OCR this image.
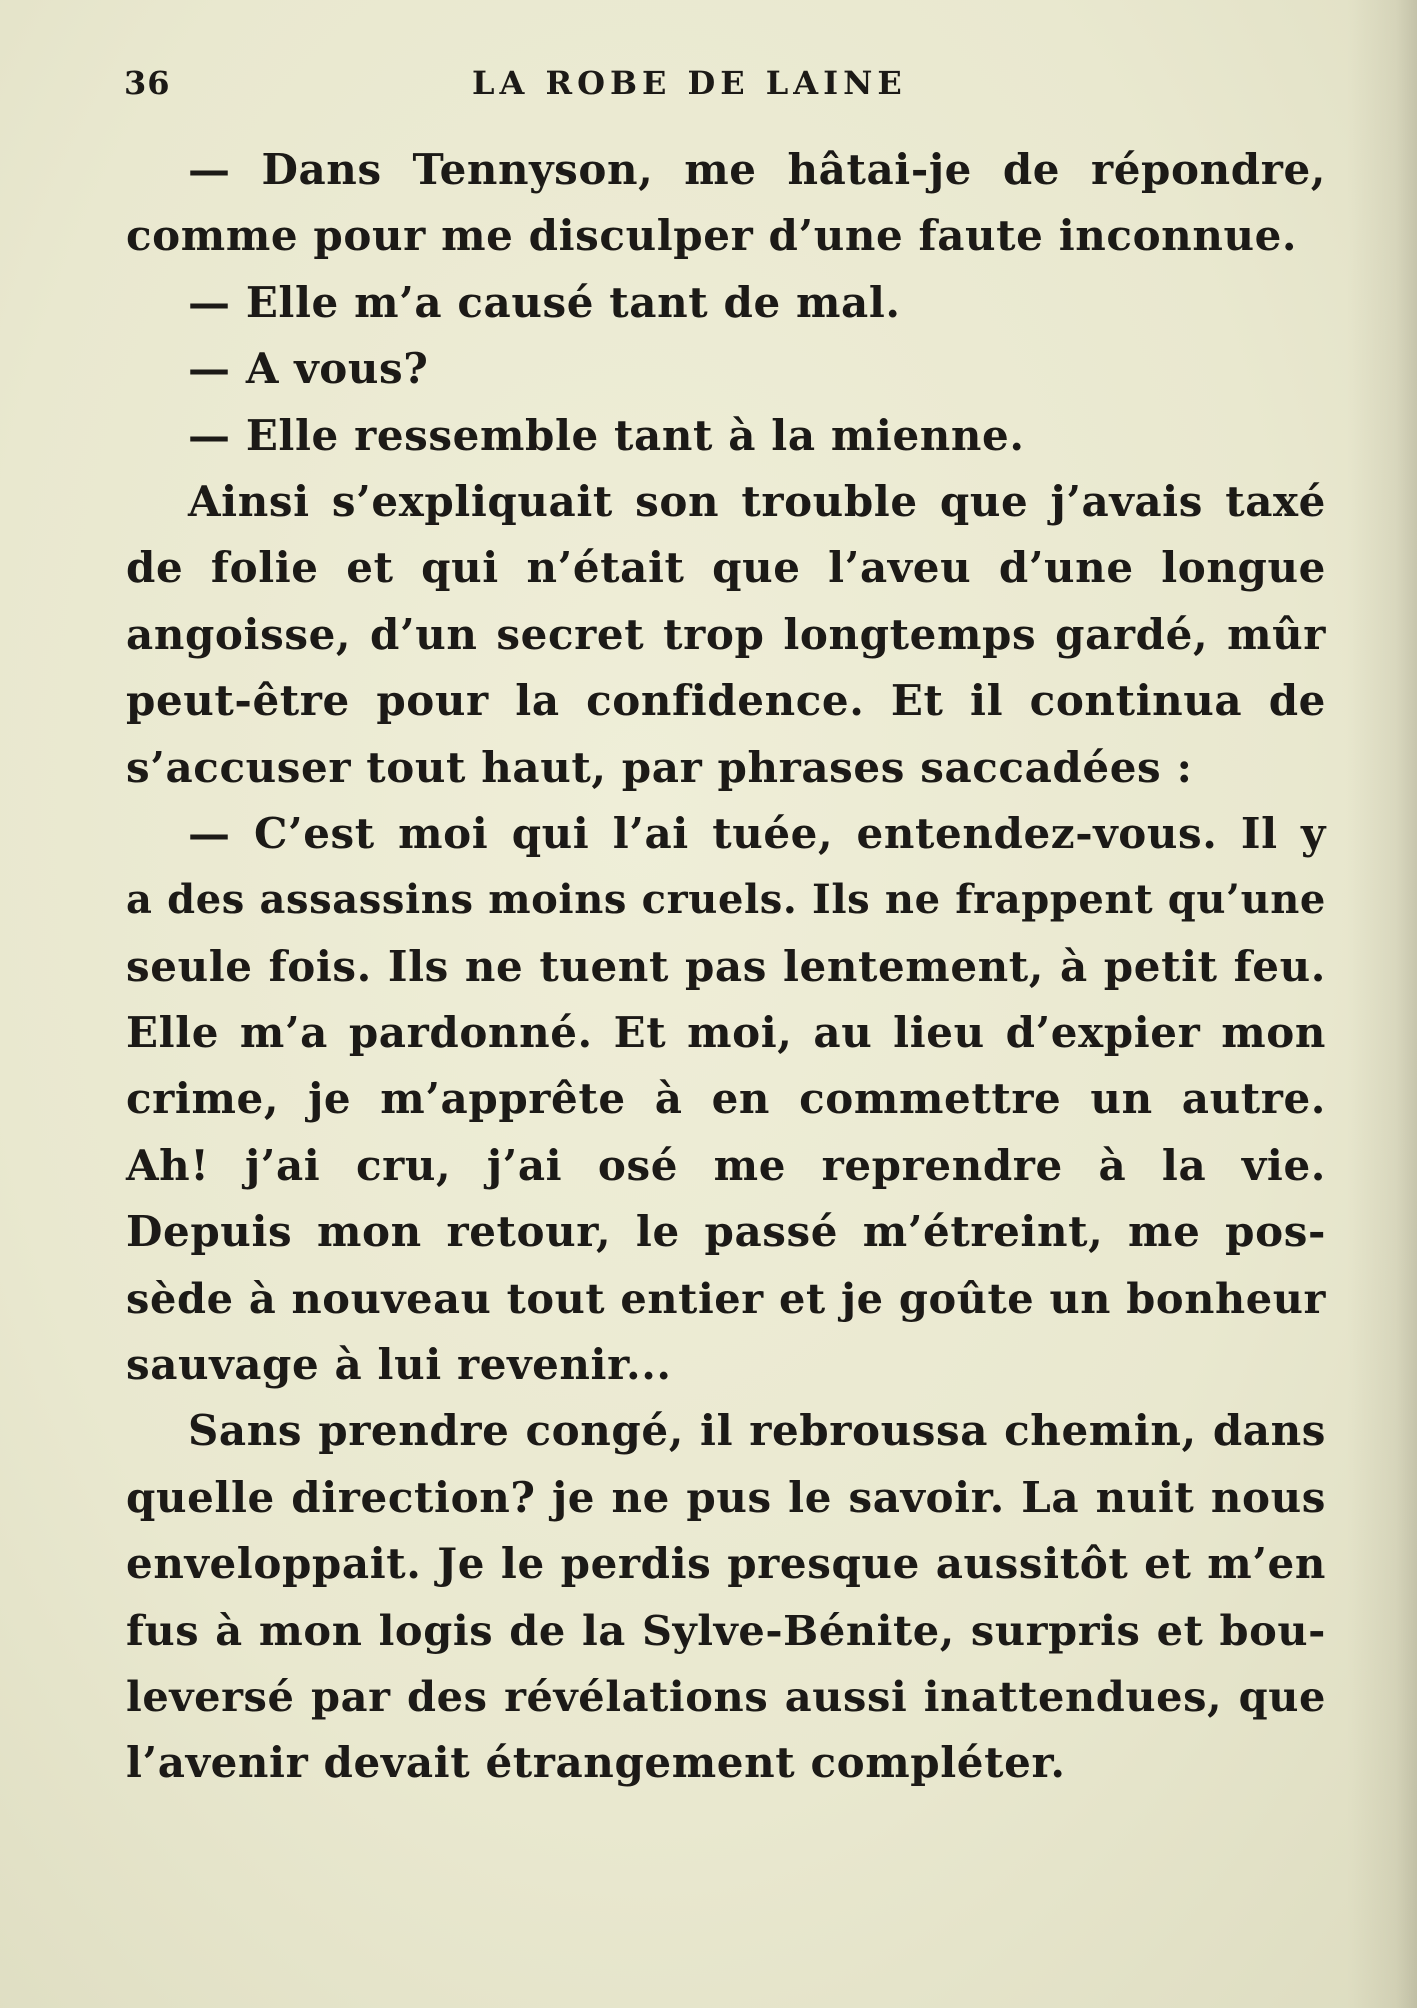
36	LA ROBE DE LAINE
— Dans Tennyson, me hâtai-je de répondre,
comme pour me disculper d’une faute inconnue.
— Elle m’a causé tant de mal.
— A vous?
— Elle ressemble tant à la mienne.
Ainsi s’expliquait son trouble que j’avais taxé
de folie et qui n’était que l’aveu d’une longue
angoisse, d’un secret trop longtemps gardé, mûr
peut-être pour la confidence. Et il continua de
s’accuser tout haut, par phrases saccadées :
— C’est moi qui l’ai tuée, entendez-vous. Il y
a des assassins moins cruels. Ils ne frappent qu’une
seule fois. Ils ne tuent pas lentement, à petit feu.
Elle m’a pardonné. Et moi, au lieu d’expier mon
crime, je m’apprête à en commettre un autre.
Ah! j’ai cru, j’ai osé me reprendre à la vie.
Depuis mon retour, le passé m’étreint, me pos-
sède à nouveau tout entier et je goûte un bonheur
sauvage à lui revenir...
Sans prendre congé, il rebroussa chemin, dans
quelle direction? je ne pus le savoir. La nuit nous
enveloppait. Je le perdis presque aussitôt et m’en
fus à mon logis de la Sylve-Bénite, surpris et bou-
leversé par des révélations aussi inattendues, que
l’avenir devait étrangement compléter.
